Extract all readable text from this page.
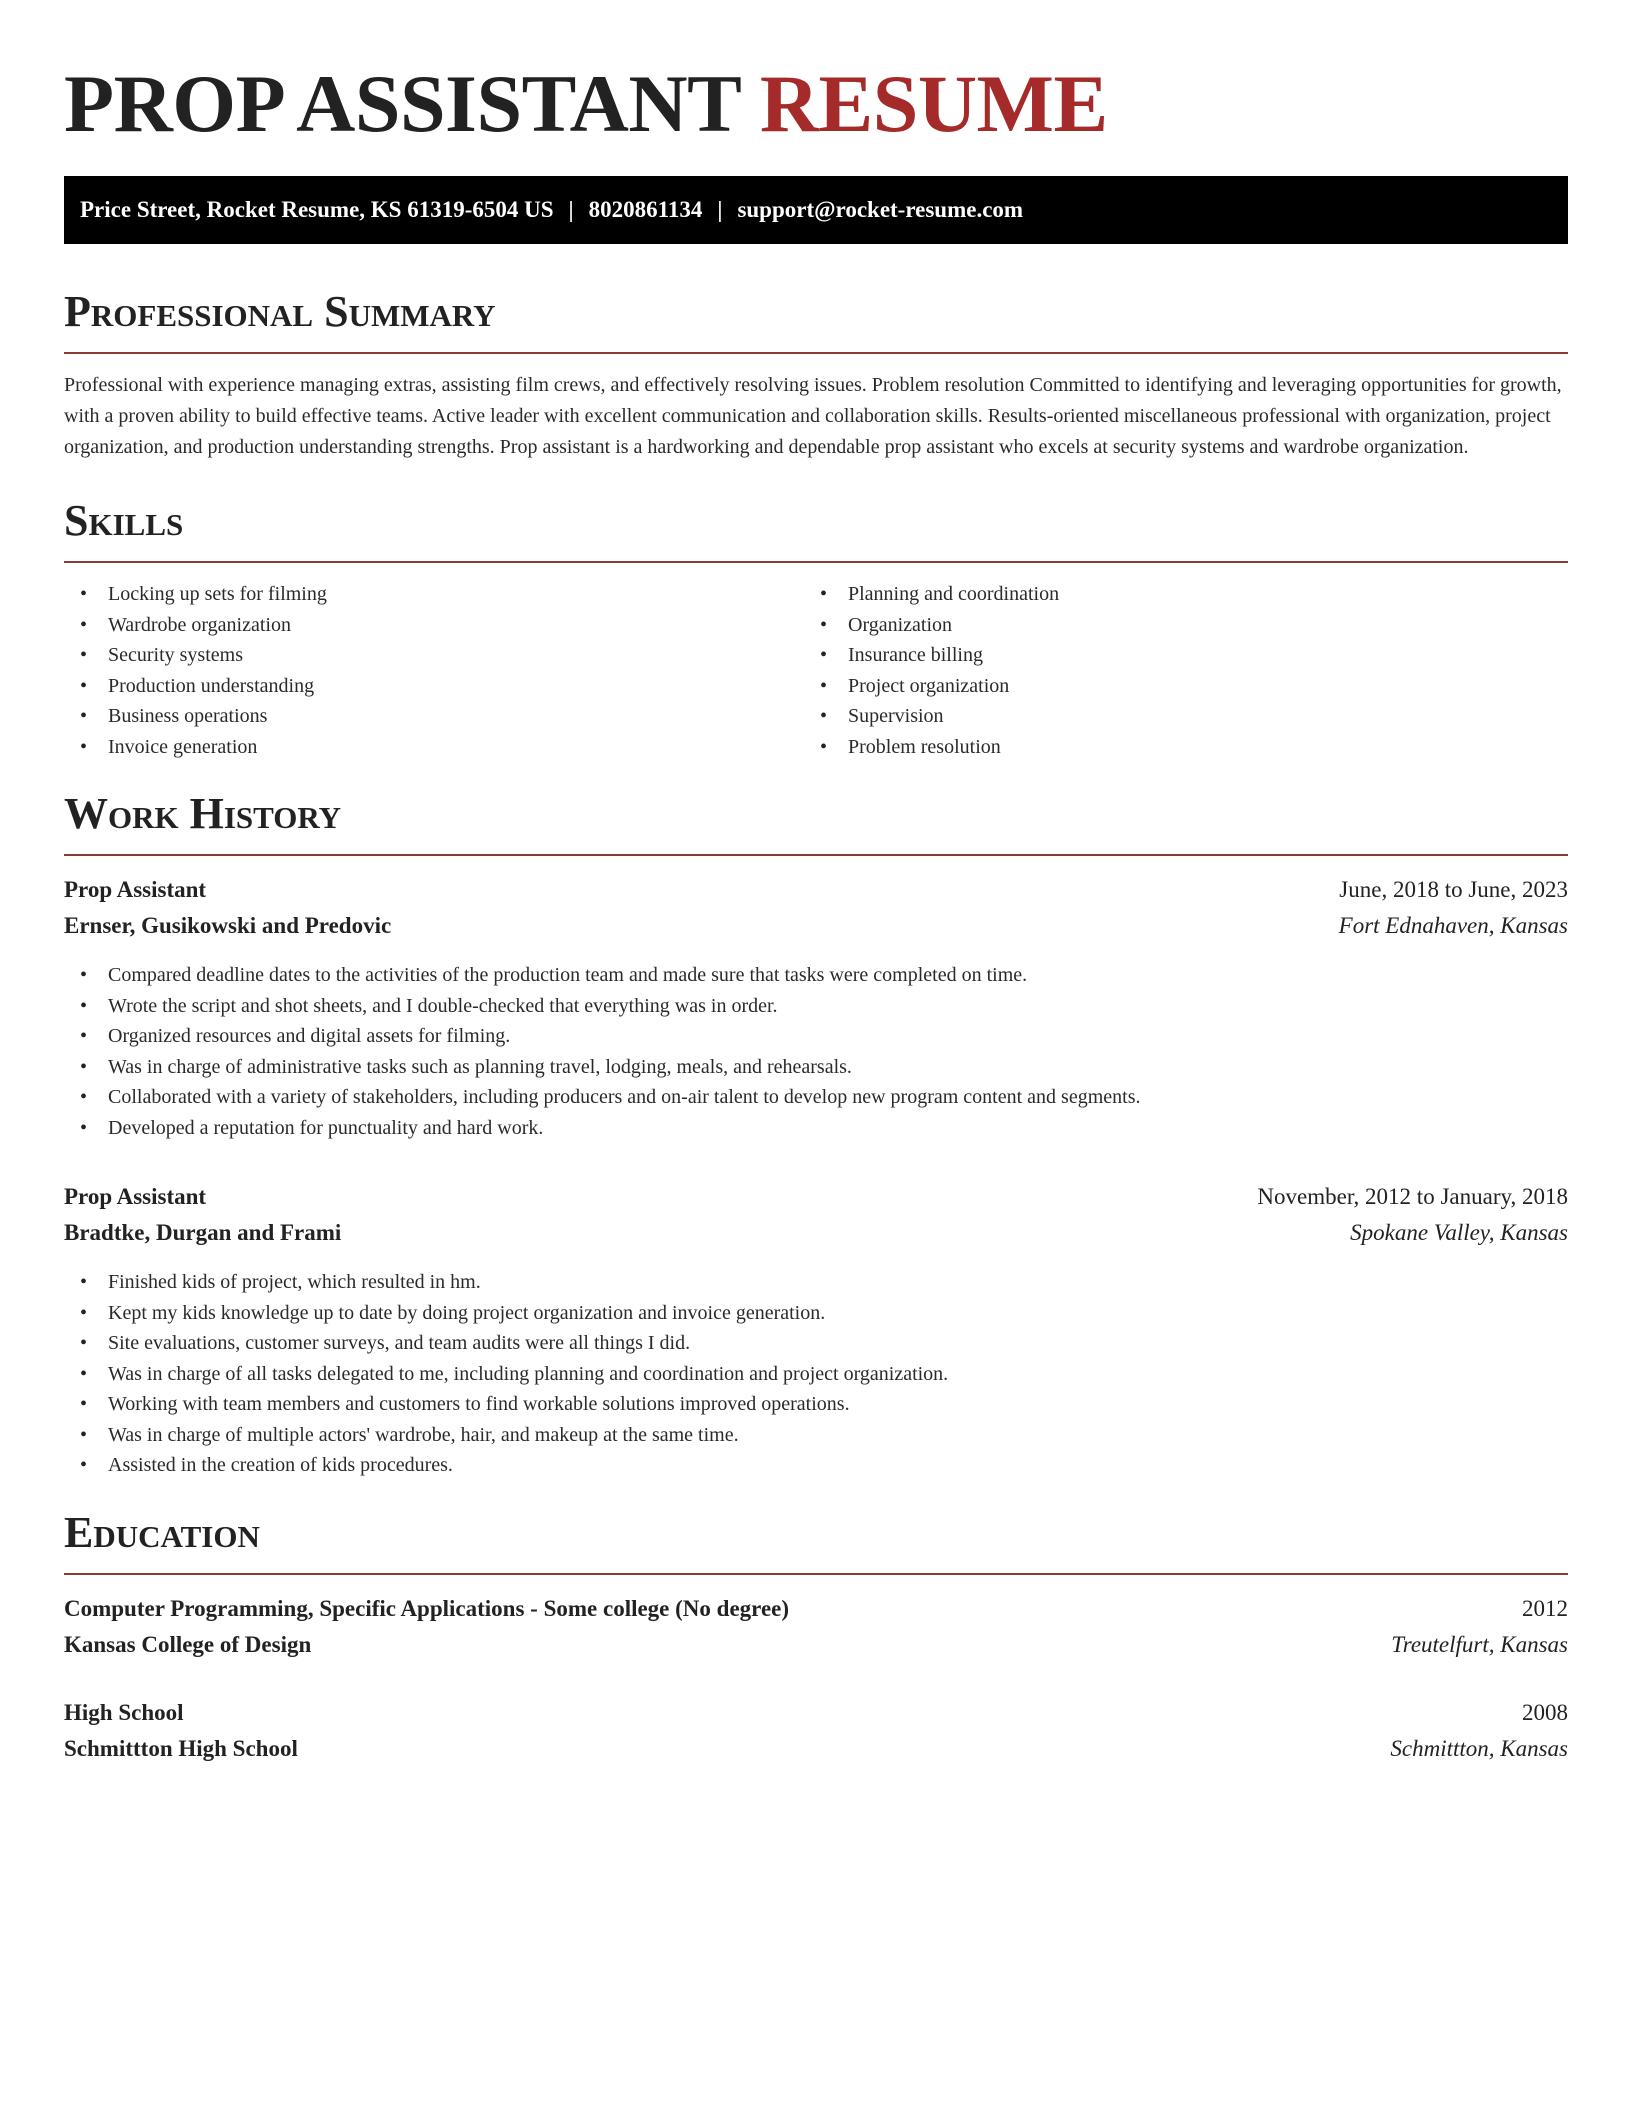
PROP ASSISTANT RESUME
Price Street, Rocket Resume, KS 61319-6504 US | 8020861134 | support@rocket-resume.com
Professional Summary

Professional with experience managing extras, assisting film crews, and effectively resolving issues. Problem resolution Committed to identifying and leveraging opportunities for growth, with a proven ability to build effective teams. Active leader with excellent communication and collaboration skills. Results-oriented miscellaneous professional with organization, project organization, and production understanding strengths. Prop assistant is a hardworking and dependable prop assistant who excels at security systems and wardrobe organization.

Skills
• Locking up sets for filming
• Wardrobe organization
• Security systems
• Production understanding
• Business operations
• Invoice generation
• Planning and coordination
• Organization
• Insurance billing
• Project organization
• Supervision
• Problem resolution
Work History
Prop Assistant	June, 2018 to June, 2023
Ernser, Gusikowski and Predovic	Fort Ednahaven, Kansas
• Compared deadline dates to the activities of the production team and made sure that tasks were completed on time.
• Wrote the script and shot sheets, and I double-checked that everything was in order.
• Organized resources and digital assets for filming.
• Was in charge of administrative tasks such as planning travel, lodging, meals, and rehearsals.
• Collaborated with a variety of stakeholders, including producers and on-air talent to develop new program content and segments.
• Developed a reputation for punctuality and hard work.
Prop Assistant	November, 2012 to January, 2018
Bradtke, Durgan and Frami	Spokane Valley, Kansas
• Finished kids of project, which resulted in hm.
• Kept my kids knowledge up to date by doing project organization and invoice generation.
• Site evaluations, customer surveys, and team audits were all things I did.
• Was in charge of all tasks delegated to me, including planning and coordination and project organization.
• Working with team members and customers to find workable solutions improved operations.
• Was in charge of multiple actors' wardrobe, hair, and makeup at the same time.
• Assisted in the creation of kids procedures.
Education
Computer Programming, Specific Applications - Some college (No degree)	2012
Kansas College of Design	Treutelfurt, Kansas
High School	2008
Schmittton High School	Schmittton, Kansas
